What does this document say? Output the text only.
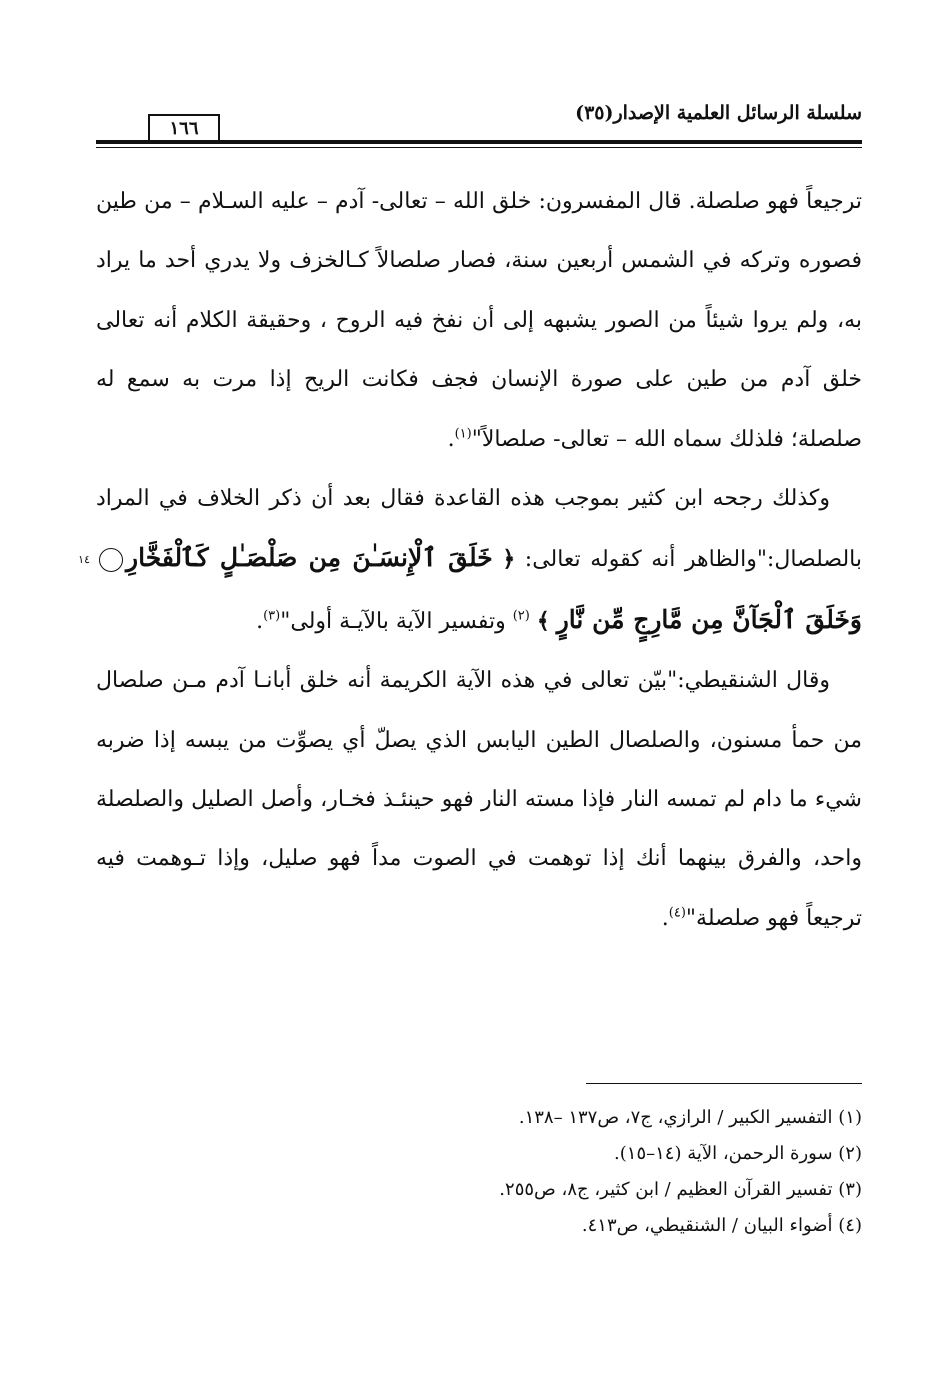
سلسلة الرسائل العلمية الإصدار(٣٥)
١٦٦

ترجيعاً فهو صلصلة. قال المفسرون: خلق الله – تعالى- آدم – عليه السـلام – من طين فصوره وتركه في الشمس أربعين سنة، فصار صلصالاً كـالخزف ولا يدري أحد ما يراد به، ولم يروا شيئاً من الصور يشبهه إلى أن نفخ فيه الروح ، وحقيقة الكلام أنه تعالى خلق آدم من طين على صورة الإنسان فجف فكانت الريح إذا مرت به سمع له صلصلة؛ فلذلك سماه الله – تعالى- صلصالاً"$^{(١)}$.

وكذلك رجحه ابن كثير بموجب هذه القاعدة فقال بعد أن ذكر الخلاف في المراد بالصلصال:"والظاهر أنه كقوله تعالى: ﴿ خَلَقَ ٱلْإِنسَـٰنَ مِن صَلْصَـٰلٍ كَٱلْفَخَّارِ١٤وَخَلَقَ ٱلْجَآنَّ مِن مَّارِجٍ مِّن نَّارٍ ﴾ $^{(٢)}$ وتفسير الآية بالآيـة أولى"$^{(٣)}$.

وقال الشنقيطي:"بيّن تعالى في هذه الآية الكريمة أنه خلق أبانـا آدم مـن صلصال من حمأ مسنون، والصلصال الطين اليابس الذي يصلّ أي يصوِّت من يبسه إذا ضربه شيء ما دام لم تمسه النار فإذا مسته النار فهو حينئـذ فخـار، وأصل الصليل والصلصلة واحد، والفرق بينهما أنك إذا توهمت في الصوت مداً فهو صليل، وإذا تـوهمت فيه ترجيعاً فهو صلصلة"$^{(٤)}$.

(١) التفسير الكبير / الرازي، ج٧، ص١٣٧ –١٣٨.
(٢) سورة الرحمن، الآية (١٤–١٥).
(٣) تفسير القرآن العظيم / ابن كثير، ج٨، ص٢٥٥.
(٤) أضواء البيان / الشنقيطي، ص٤١٣.
